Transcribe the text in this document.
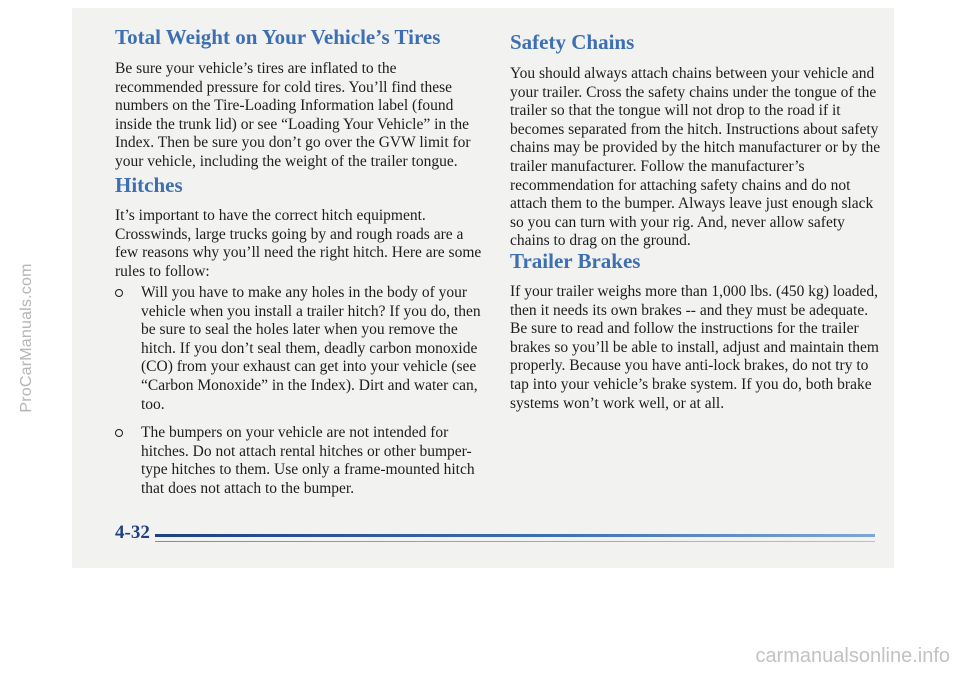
Total Weight on Your Vehicle’s Tires

Be sure your vehicle’s tires are inflated to the recommended pressure for cold tires. You’ll find these numbers on the Tire-Loading Information label (found inside the trunk lid) or see “Loading Your Vehicle” in the Index. Then be sure you don’t go over the GVW limit for your vehicle, including the weight of the trailer tongue.

Hitches

It’s important to have the correct hitch equipment. Crosswinds, large trucks going by and rough roads are a few reasons why you’ll need the right hitch. Here are some rules to follow:

Will you have to make any holes in the body of your vehicle when you install a trailer hitch? If you do, then be sure to seal the holes later when you remove the hitch. If you don’t seal them, deadly carbon monoxide (CO) from your exhaust can get into your vehicle (see “Carbon Monoxide” in the Index). Dirt and water can, too.
The bumpers on your vehicle are not intended for hitches. Do not attach rental hitches or other bumper-type hitches to them. Use only a frame-mounted hitch that does not attach to the bumper.
Safety Chains

You should always attach chains between your vehicle and your trailer. Cross the safety chains under the tongue of the trailer so that the tongue will not drop to the road if it becomes separated from the hitch. Instructions about safety chains may be provided by the hitch manufacturer or by the trailer manufacturer. Follow the manufacturer’s recommendation for attaching safety chains and do not attach them to the bumper. Always leave just enough slack so you can turn with your rig. And, never allow safety chains to drag on the ground.

Trailer Brakes

If your trailer weighs more than 1,000 lbs. (450 kg) loaded, then it needs its own brakes -- and they must be adequate. Be sure to read and follow the instructions for the trailer brakes so you’ll be able to install, adjust and maintain them properly. Because you have anti-lock brakes, do not try to tap into your vehicle’s brake system. If you do, both brake systems won’t work well, or at all.

4-32
ProCarManuals.com
carmanualsonline.info
